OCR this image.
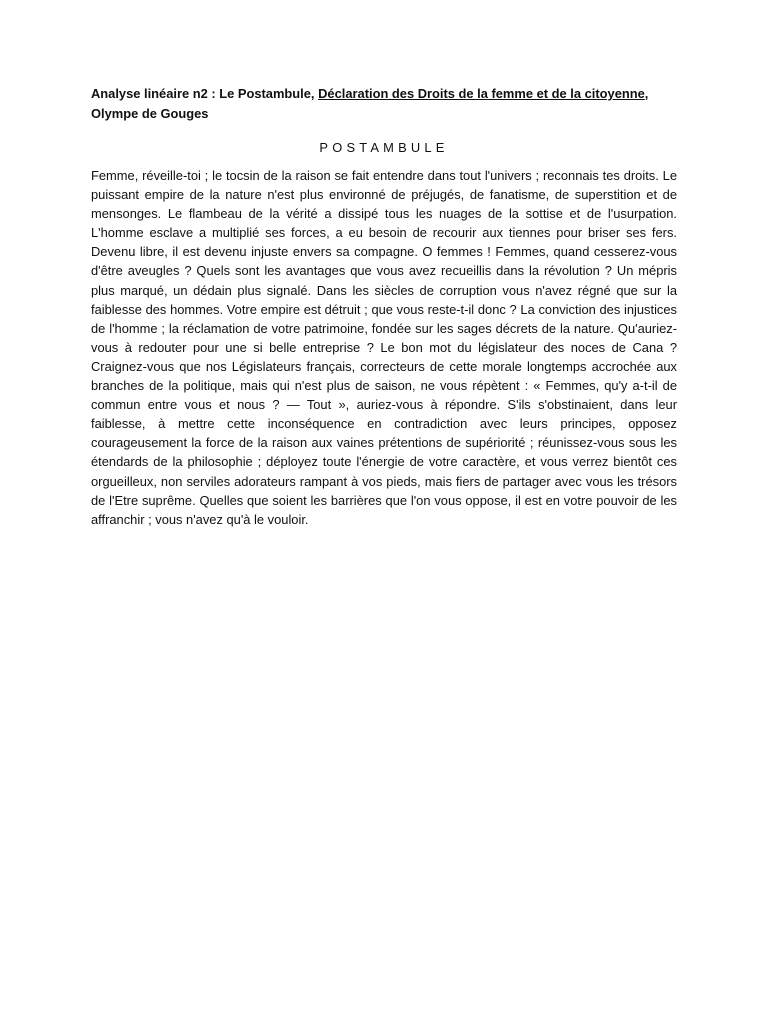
Analyse linéaire n2 : Le Postambule, Déclaration des Droits de la femme et de la citoyenne, Olympe de Gouges

POSTAMBULE

Femme, réveille-toi ; le tocsin de la raison se fait entendre dans tout l'univers ; reconnais tes droits. Le puissant empire de la nature n'est plus environné de préjugés, de fanatisme, de superstition et de mensonges. Le flambeau de la vérité a dissipé tous les nuages de la sottise et de l'usurpation. L'homme esclave a multiplié ses forces, a eu besoin de recourir aux tiennes pour briser ses fers. Devenu libre, il est devenu injuste envers sa compagne. O femmes ! Femmes, quand cesserez-vous d'être aveugles ? Quels sont les avantages que vous avez recueillis dans la révolution ? Un mépris plus marqué, un dédain plus signalé. Dans les siècles de corruption vous n'avez régné que sur la faiblesse des hommes. Votre empire est détruit ; que vous reste-t-il donc ? La conviction des injustices de l'homme ; la réclamation de votre patrimoine, fondée sur les sages décrets de la nature. Qu'auriez-vous à redouter pour une si belle entreprise ? Le bon mot du législateur des noces de Cana ? Craignez-vous que nos Législateurs français, correcteurs de cette morale longtemps accrochée aux branches de la politique, mais qui n'est plus de saison, ne vous répètent : « Femmes, qu'y a-t-il de commun entre vous et nous ? — Tout », auriez-vous à répondre. S'ils s'obstinaient, dans leur faiblesse, à mettre cette inconséquence en contradiction avec leurs principes, opposez courageusement la force de la raison aux vaines prétentions de supériorité ; réunissez-vous sous les étendards de la philosophie ; déployez toute l'énergie de votre caractère, et vous verrez bientôt ces orgueilleux, non serviles adorateurs rampant à vos pieds, mais fiers de partager avec vous les trésors de l'Etre suprême. Quelles que soient les barrières que l'on vous oppose, il est en votre pouvoir de les affranchir ; vous n'avez qu'à le vouloir.
